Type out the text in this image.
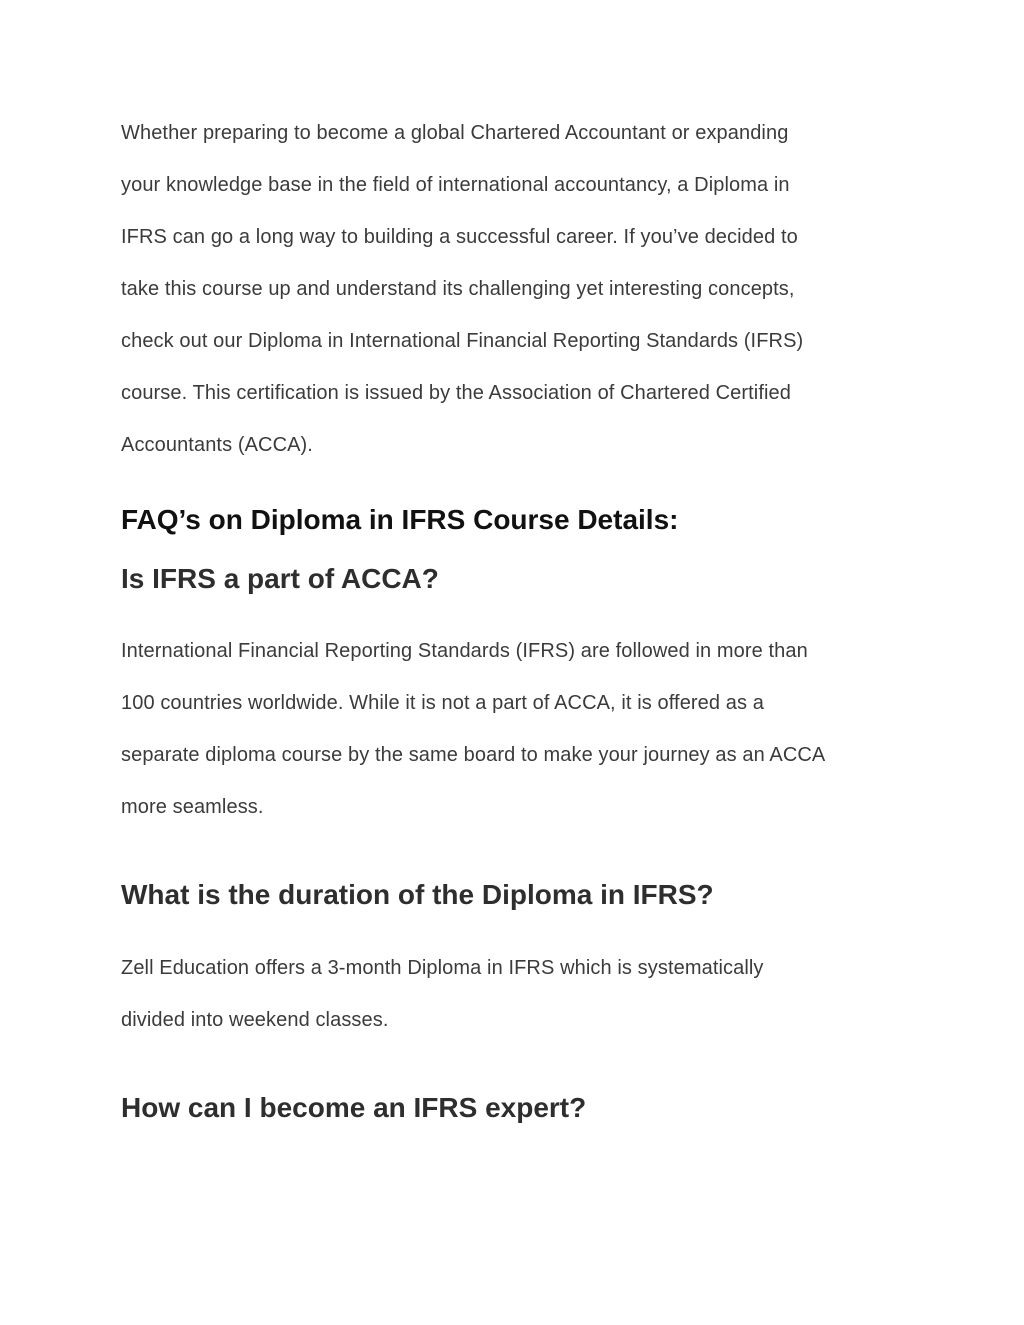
Whether preparing to become a global Chartered Accountant or expanding
your knowledge base in the field of international accountancy, a Diploma in
IFRS can go a long way to building a successful career. If you’ve decided to
take this course up and understand its challenging yet interesting concepts,
check out our Diploma in International Financial Reporting Standards (IFRS)
course. This certification is issued by the Association of Chartered Certified
Accountants (ACCA).
FAQ’s on Diploma in IFRS Course Details:
Is IFRS a part of ACCA?
International Financial Reporting Standards (IFRS) are followed in more than
100 countries worldwide. While it is not a part of ACCA, it is offered as a
separate diploma course by the same board to make your journey as an ACCA
more seamless.
What is the duration of the Diploma in IFRS?
Zell Education offers a 3-month Diploma in IFRS which is systematically
divided into weekend classes.
How can I become an IFRS expert?
